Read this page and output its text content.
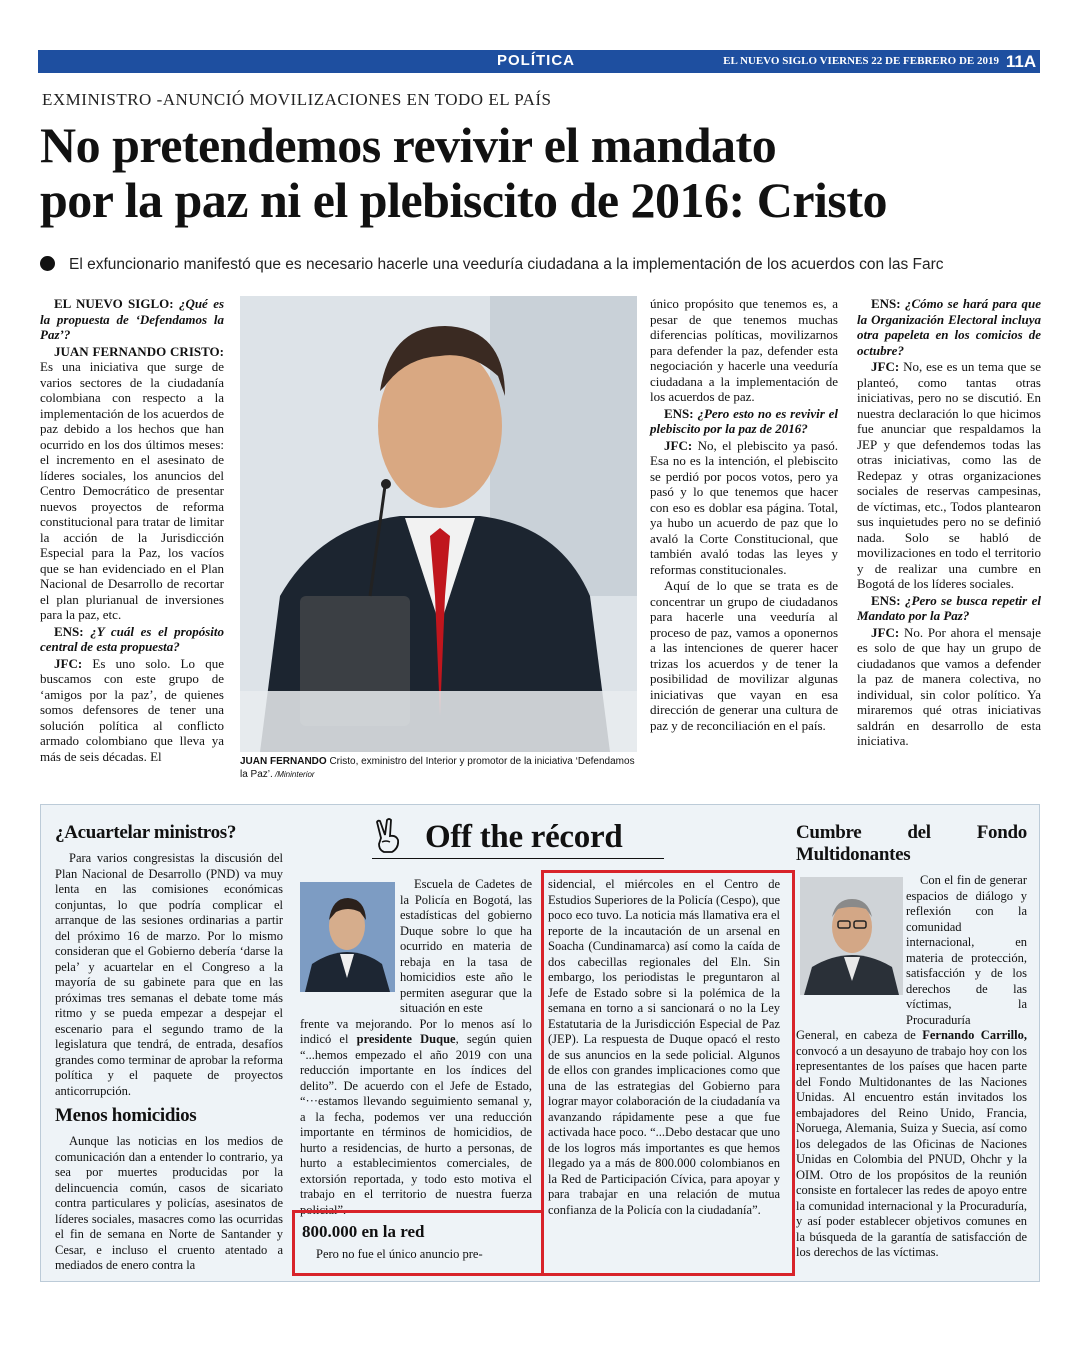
POLÍTICA	EL NUEVO SIGLO VIERNES 22 DE FEBRERO DE 2019 11A
EXMINISTRO -ANUNCIÓ MOVILIZACIONES EN TODO EL PAÍS
No pretendemos revivir el mandato
por la paz ni el plebiscito de 2016: Cristo
El exfuncionario manifestó que es necesario hacerle una veeduría ciudadana a la implementación de los acuerdos con las Farc

EL NUEVO SIGLO: ¿Qué es la propuesta de ‘Defendamos la Paz’?

JUAN FERNANDO CRISTO: Es una iniciativa que surge de varios sectores de la ciudadanía colombiana con respecto a la implementación de los acuerdos de paz debido a los hechos que han ocurrido en los dos últimos meses: el incremento en el asesinato de líderes sociales, los anuncios del Centro Democrático de presentar nuevos proyectos de reforma constitucional para tratar de limitar la acción de la Jurisdicción Especial para la Paz, los vacíos que se han evidenciado en el Plan Nacional de Desarrollo de recortar el plan plurianual de inversiones para la paz, etc.

ENS: ¿Y cuál es el propósito central de esta propuesta?

JFC: Es uno solo. Lo que buscamos con este grupo de ‘amigos por la paz’, de quienes somos defensores de tener una solución política al conflicto armado colombiano que lleva ya más de seis décadas. El	JUAN FERNANDO Cristo, exministro del Interior y promotor de la iniciativa ‘Defendamos la Paz’. /Mininterior

único propósito que tenemos es, a pesar de que tenemos muchas diferencias políticas, movilizarnos para defender la paz, defender esta negociación y hacerle una veeduría ciudadana a la implementación de los acuerdos de paz.

ENS: ¿Pero esto no es revivir el plebiscito por la paz de 2016?

JFC: No, el plebiscito ya pasó. Esa no es la intención, el plebiscito se perdió por pocos votos, pero ya pasó y lo que tenemos que hacer con eso es doblar esa página. Total, ya hubo un acuerdo de paz que lo avaló la Corte Constitucional, que también avaló todas las leyes y reformas constitucionales.

Aquí de lo que se trata es de concentrar un grupo de ciudadanos para hacerle una veeduría al proceso de paz, vamos a oponernos a las intenciones de querer hacer trizas los acuerdos y de tener la posibilidad de movilizar algunas iniciativas que vayan en esa dirección de generar una cultura de paz y de reconciliación en el país.

ENS: ¿Cómo se hará para que la Organización Electoral incluya otra papeleta en los comicios de octubre?

JFC: No, ese es un tema que se planteó, como tantas otras iniciativas, pero no se discutió. En nuestra declaración lo que hicimos fue anunciar que respaldamos la JEP y que defendemos todas las otras iniciativas, como las de Redepaz y otras organizaciones sociales de reservas campesinas, de víctimas, etc., Todos plantearon sus inquietudes pero no se definió nada. Solo se habló de movilizaciones en todo el territorio y de realizar una cumbre en Bogotá de los líderes sociales.

ENS: ¿Pero se busca repetir el Mandato por la Paz?

JFC: No. Por ahora el mensaje es solo de que hay un grupo de ciudadanos que vamos a defender la paz de manera colectiva, no individual, sin color político. Ya miraremos qué otras iniciativas saldrán en desarrollo de esta iniciativa.

Off the récord
¿Acuartelar ministros?

Para varios congresistas la discusión del Plan Nacional de Desarrollo (PND) va muy lenta en las comisiones económicas conjuntas, lo que podría complicar el arranque de las sesiones ordinarias a partir del próximo 16 de marzo. Por lo mismo consideran que el Gobierno debería ‘darse la pela’ y acuartelar en el Congreso a la mayoría de su gabinete para que en las próximas tres semanas el debate tome más ritmo y se pueda empezar a despejar el escenario para el segundo tramo de la legislatura que tendrá, de entrada, desafíos grandes como terminar de aprobar la reforma política y el paquete de proyectos anticorrupción.

Menos homicidios

Aunque las noticias en los medios de comunicación dan a entender lo contrario, ya sea por muertes producidas por la delincuencia común, casos de sicariato contra particulares y policías, asesinatos de líderes sociales, masacres como las ocurridas el fin de semana en Norte de Santander y Cesar, e incluso el cruento atentado a mediados de enero contra la

Escuela de Cadetes de la Policía en Bogotá, las estadísticas del gobierno Duque sobre lo que ha ocurrido en materia de rebaja en la tasa de homicidios este año le permiten asegurar que la situación en este

frente va mejorando. Por lo menos así lo indicó el presidente Duque, según quien “...hemos empezado el año 2019 con una reducción importante en los índices del delito”. De acuerdo con el Jefe de Estado, “···estamos llevando seguimiento semanal y, a la fecha, podemos ver una reducción importante en términos de homicidios, de hurto a residencias, de hurto a personas, de hurto a establecimientos comerciales, de extorsión reportada, y todo esto motiva el trabajo en el territorio de nuestra fuerza policial”.

800.000 en la red
Pero no fue el único anuncio pre-

sidencial, el miércoles en el Centro de Estudios Superiores de la Policía (Cespo), que poco eco tuvo. La noticia más llamativa era el reporte de la incautación de un arsenal en Soacha (Cundinamarca) así como la caída de dos cabecillas regionales del Eln. Sin embargo, los periodistas le preguntaron al Jefe de Estado sobre si la polémica de la semana en torno a si sancionará o no la Ley Estatutaria de la Jurisdicción Especial de Paz (JEP). La respuesta de Duque opacó el resto de sus anuncios en la sede policial. Algunos de ellos con grandes implicaciones como que una de las estrategias del Gobierno para lograr mayor colaboración de la ciudadanía va avanzando rápidamente pese a que fue activada hace poco. “...Debo destacar que uno de los logros más importantes es que hemos llegado ya a más de 800.000 colombianos en la Red de Participación Cívica, para apoyar y para trabajar en una relación de mutua confianza de la Policía con la ciudadanía”.

Cumbre del Fondo Multidonantes

Con el fin de generar espacios de diálogo y reflexión con la comunidad internacional, en materia de protección, satisfacción y de los derechos de las víctimas, la Procuraduría

General, en cabeza de Fernando Carrillo, convocó a un desayuno de trabajo hoy con los representantes de los países que hacen parte del Fondo Multidonantes de las Naciones Unidas. Al encuentro están invitados los embajadores del Reino Unido, Francia, Noruega, Alemania, Suiza y Suecia, así como los delegados de las Oficinas de Naciones Unidas en Colombia del PNUD, Ohchr y la OIM. Otro de los propósitos de la reunión consiste en fortalecer las redes de apoyo entre la comunidad internacional y la Procuraduría, y así poder establecer objetivos comunes en la búsqueda de la garantía de satisfacción de los derechos de las víctimas.
